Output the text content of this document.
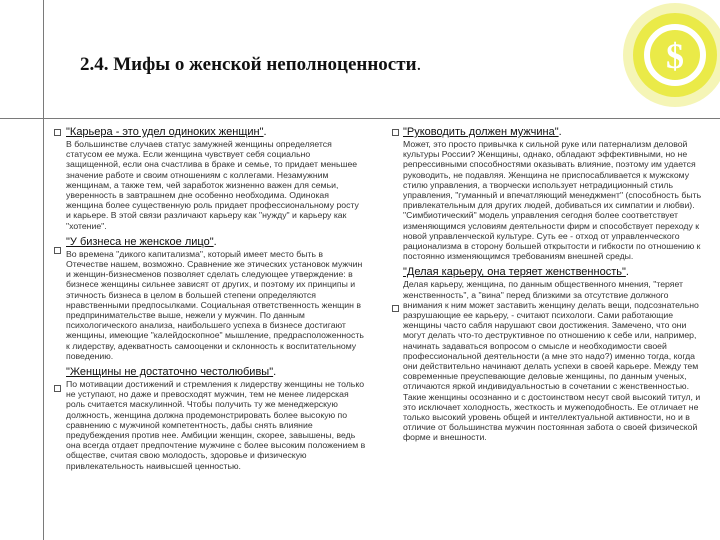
$
2.4. Мифы о женской неполноценности.
"Карьера - это удел одиноких женщин".

В большинстве случаев статус замужней женщины определяется статусом ее мужа. Если женщина чувствует себя социально защищенной, если она счастлива в браке и семье, то придает меньшее значение работе и своим отношениям с коллегами. Незамужним женщинам, а также тем, чей заработок жизненно важен для семьи, уверенность в завтрашнем дне особенно необходима. Одинокая женщина более существенную роль придает профессиональному росту и карьере. В этой связи различают карьеру как "нужду" и карьеру как "хотение".

"У бизнеса не женское лицо".

Во времена "дикого капитализма", который имеет место быть в Отечестве нашем, возможно. Сравнение же этических установок мужчин и женщин-бизнесменов позволяет сделать следующее утверждение: в бизнесе женщины сильнее зависят от других, и поэтому их принципы и этичность бизнеса в целом в большей степени определяются нравственными предпосылками. Социальная ответственность женщин в предпринимательстве выше, нежели у мужчин. По данным психологического анализа, наибольшего успеха в бизнесе достигают женщины, имеющие "калейдоскопное" мышление, предрасположенность к лидерству, адекватность самооценки и склонность к воспитательному поведению.

"Женщины не достаточно честолюбивы".

По мотивации достижений и стремления к лидерству женщины не только не уступают, но даже и превосходят мужчин, тем не менее лидерская роль считается маскулинной. Чтобы получить ту же менеджерскую должность, женщина должна продемонстрировать более высокую по сравнению с мужчиной компетентность, дабы снять влияние предубеждения против нее. Амбиции женщин, скорее, завышены, ведь она всегда отдает предпочтение мужчине с более высоким положением в обществе, считая свою молодость, здоровье и физическую привлекательность наивысшей ценностью.

"Руководить должен мужчина".

Может, это просто привычка к сильной руке или патернализм деловой культуры России? Женщины, однако, обладают эффективными, но не репрессивными способностями оказывать влияние, поэтому им удается руководить, не подавляя. Женщина не приспосабливается к мужскому стилю управления, а творчески использует нетрадиционный стиль управления, "гуманный и впечатляющий менеджмент" (способность быть привлекательным для других людей, добиваться их симпатии и любви). "Симбиотический" модель управления сегодня более соответствует изменяющимся условиям деятельности фирм и способствует переходу к новой управленческой культуре. Суть ее - отход от управленческого рационализма в сторону большей открытости и гибкости по отношению к постоянно изменяющимся требованиям внешней среды.

"Делая карьеру, она теряет женственность".

Делая карьеру, женщина, по данным общественного мнения, "теряет женственность", а "вина" перед близкими за отсутствие должного внимания к ним может заставить женщину делать вещи, подсознательно разрушающие ее карьеру, - считают психологи. Сами работающие женщины часто сабля нарушают свои достижения. Замечено, что они могут делать что-то деструктивное по отношению к себе или, например, начинать задаваться вопросом о смысле и необходимости своей профессиональной деятельности (а мне это надо?) именно тогда, когда они действительно начинают делать успехи в своей карьере. Между тем современные преуспевающие деловые женщины, по данным ученых, отличаются яркой индивидуальностью в сочетании с женственностью. Такие женщины осознанно и с достоинством несут свой высокий титул, и это исключает холодность, жесткость и мужеподобность. Ее отличает не только высокий уровень общей и интеллектуальной активности, но и в отличие от большинства мужчин постоянная забота о своей физической форме и внешности.
